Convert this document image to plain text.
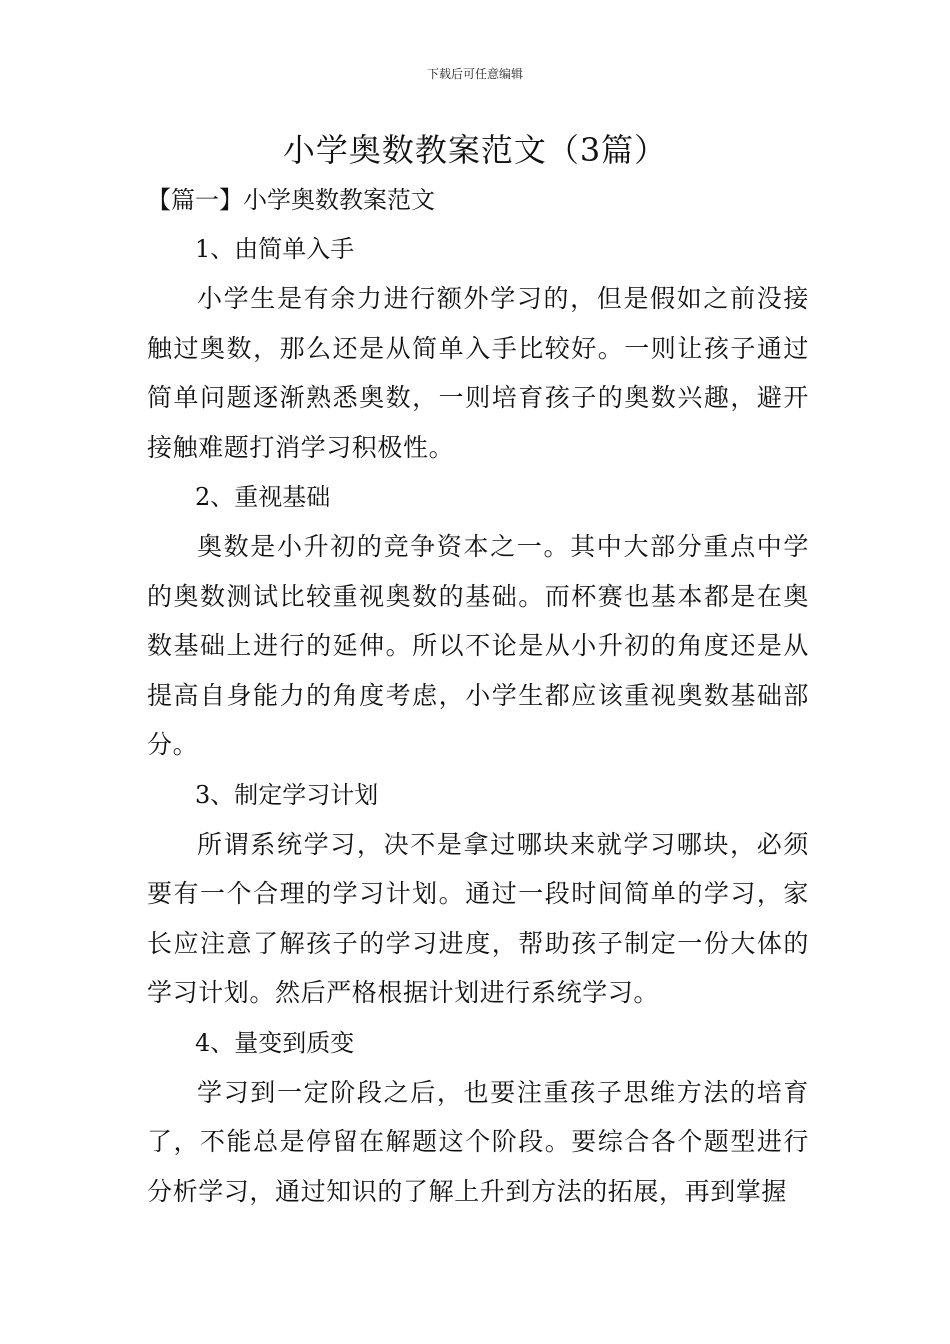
下载后可任意编辑
小学奥数教案范文（3篇）

【篇一】小学奥数教案范文

1、由简单入手

小学生是有余力进行额外学习的，但是假如之前没接触过奥数，那么还是从简单入手比较好。一则让孩子通过简单问题逐渐熟悉奥数，一则培育孩子的奥数兴趣，避开接触难题打消学习积极性。

2、重视基础

奥数是小升初的竞争资本之一。其中大部分重点中学的奥数测试比较重视奥数的基础。而杯赛也基本都是在奥数基础上进行的延伸。所以不论是从小升初的角度还是从提高自身能力的角度考虑，小学生都应该重视奥数基础部分。

3、制定学习计划

所谓系统学习，决不是拿过哪块来就学习哪块，必须要有一个合理的学习计划。通过一段时间简单的学习，家长应注意了解孩子的学习进度，帮助孩子制定一份大体的学习计划。然后严格根据计划进行系统学习。

4、量变到质变

学习到一定阶段之后，也要注重孩子思维方法的培育了，不能总是停留在解题这个阶段。要综合各个题型进行分析学习，通过知识的了解上升到方法的拓展，再到掌握
